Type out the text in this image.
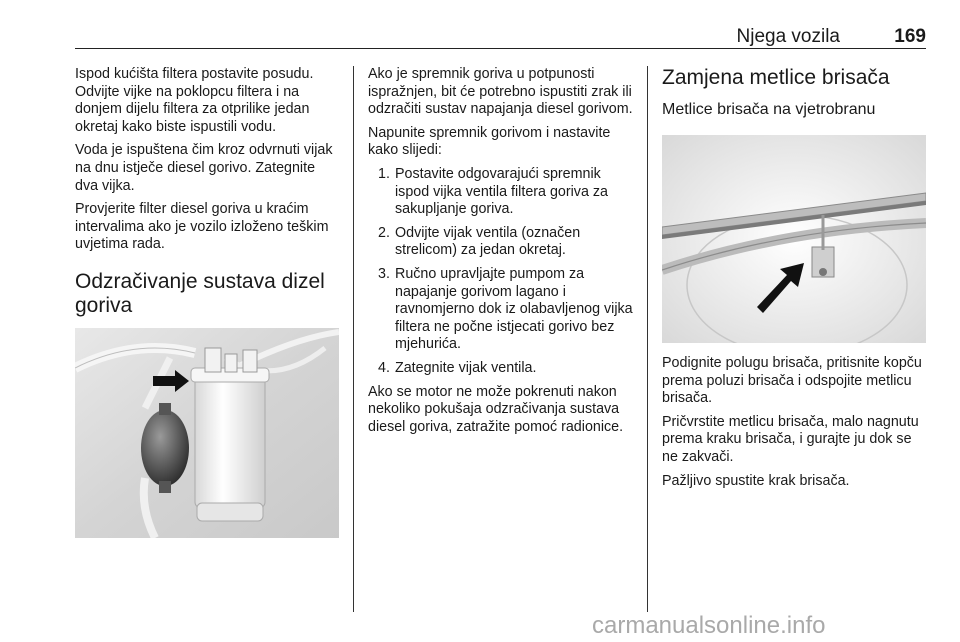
Njega vozila	169

Ispod kućišta filtera postavite posudu. Odvijte vijke na poklopcu filtera i na donjem dijelu filtera za otprilike jedan okretaj kako biste ispustili vodu.

Voda je ispuštena čim kroz odvrnuti vijak na dnu istječe diesel gorivo. Zategnite dva vijka.

Provjerite filter diesel goriva u kraćim intervalima ako je vozilo izloženo teškim uvjetima rada.

Odzračivanje sustava dizel goriva

Ako je spremnik goriva u potpunosti ispražnjen, bit će potrebno ispustiti zrak ili odzračiti sustav napajanja diesel gorivom.

Napunite spremnik gorivom i nastavite kako slijedi:

1. Postavite odgovarajući spremnik ispod vijka ventila filtera goriva za sakupljanje goriva.
2. Odvijte vijak ventila (označen strelicom) za jedan okretaj.
3. Ručno upravljajte pumpom za napajanje gorivom lagano i ravnomjerno dok iz olabavljenog vijka filtera ne počne istjecati gorivo bez mjehurića.
4. Zategnite vijak ventila.

Ako se motor ne može pokrenuti nakon nekoliko pokušaja odzračivanja sustava diesel goriva, zatražite pomoć radionice.

Zamjena metlice brisača
Metlice brisača na vjetrobranu

Podignite polugu brisača, pritisnite kopču prema poluzi brisača i odspojite metlicu brisača.

Pričvrstite metlicu brisača, malo nagnutu prema kraku brisača, i gurajte ju dok se ne zakvači.

Pažljivo spustite krak brisača.

carmanualsonline.info
